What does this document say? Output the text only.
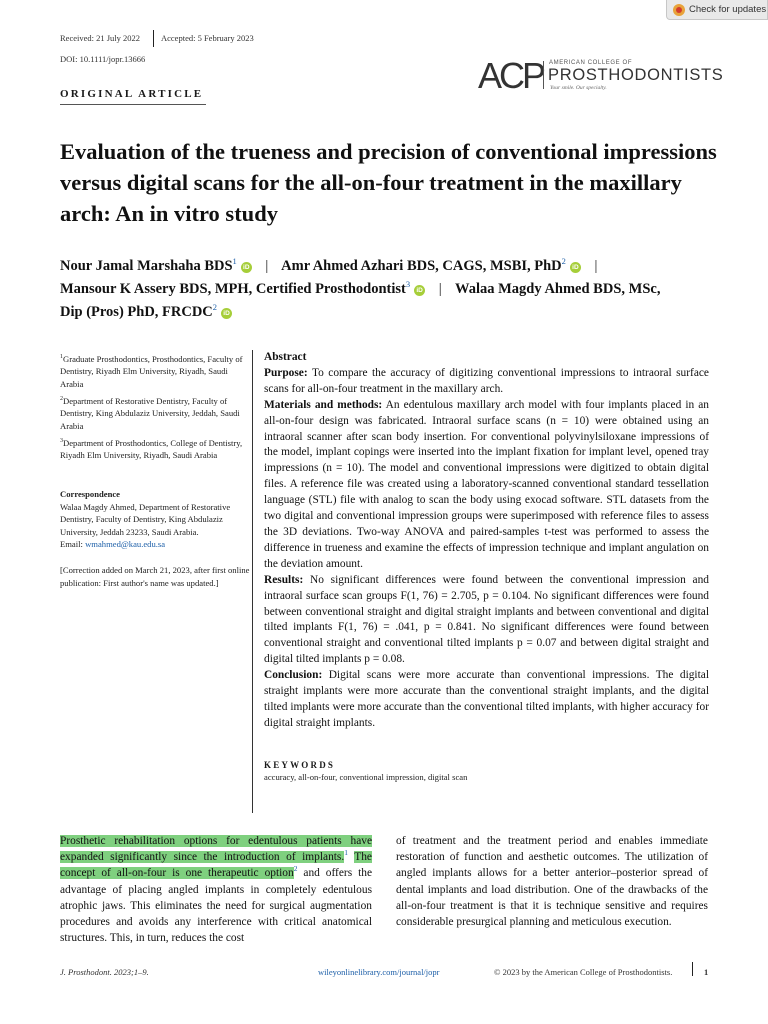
Check for updates
Received: 21 July 2022 Accepted: 5 February 2023
DOI: 10.1111/jopr.13666
ORIGINAL ARTICLE	ACP AMERICAN COLLEGE OF
PROSTHODONTISTS
Your smile. Our specialty.
Evaluation of the trueness and precision of conventional impressions versus digital scans for the all-on-four treatment in the maxillary arch: An in vitro study
Nour Jamal Marshaha BDS$^1$iD | Amr Ahmed Azhari BDS, CAGS, MSBI, PhD$^2$iD |
Mansour K Assery BDS, MPH, Certified Prosthodontist$^3$iD | Walaa Magdy Ahmed BDS, MSc,
Dip (Pros) PhD, FRCDC$^2$iD
$^1$Graduate Prosthodontics, Prosthodontics, Faculty of Dentistry, Riyadh Elm University, Riyadh, Saudi Arabia
$^2$Department of Restorative Dentistry, Faculty of Dentistry, King Abdulaziz University, Jeddah, Saudi Arabia
$^3$Department of Prosthodontics, College of Dentistry, Riyadh Elm University, Riyadh, Saudi Arabia
Correspondence
Walaa Magdy Ahmed, Department of Restorative Dentistry, Faculty of Dentistry, King Abdulaziz University, Jeddah 23233, Saudi Arabia.
Email: wmahmed@kau.edu.sa
[Correction added on March 21, 2023, after first online publication: First author's name was updated.]

Abstract

Purpose: To compare the accuracy of digitizing conventional impressions to intraoral surface scans for all-on-four treatment in the maxillary arch.

Materials and methods: An edentulous maxillary arch model with four implants placed in an all-on-four design was fabricated. Intraoral surface scans (n = 10) were obtained using an intraoral scanner after scan body insertion. For conventional polyvinylsiloxane impressions of the model, implant copings were inserted into the implant fixation for implant level, opened tray impressions (n = 10). The model and conventional impressions were digitized to obtain digital files. A reference file was created using a laboratory-scanned conventional standard tessellation language (STL) file with analog to scan the body using exocad software. STL datasets from the two digital and conventional impression groups were superimposed with reference files to assess the 3D deviations. Two-way ANOVA and paired-samples t-test was performed to assess the difference in trueness and examine the effects of impression technique and implant angulation on the deviation amount.

Results: No significant differences were found between the conventional impression and intraoral surface scan groups F(1, 76) = 2.705, p = 0.104. No significant differences were found between conventional straight and digital straight implants and between conventional and digital tilted implants F(1, 76) = .041, p = 0.841. No significant differences were found between conventional straight and conventional tilted implants p = 0.07 and between digital straight and digital tilted implants p = 0.08.

Conclusion: Digital scans were more accurate than conventional impressions. The digital straight implants were more accurate than the conventional straight implants, and the digital tilted implants were more accurate than the conventional tilted implants, with higher accuracy for digital straight implants.

KEYWORDS
accuracy, all-on-four, conventional impression, digital scan
Prosthetic rehabilitation options for edentulous patients have expanded significantly since the introduction of implants.$^1$ The concept of all-on-four is one therapeutic option$^2$ and offers the advantage of placing angled implants in completely edentulous atrophic jaws. This eliminates the need for surgical augmentation procedures and avoids any interference with critical anatomical structures. This, in turn, reduces the cost
of treatment and the treatment period and enables immediate restoration of function and aesthetic outcomes. The utilization of angled implants allows for a better anterior–posterior spread of dental implants and load distribution. One of the drawbacks of the all-on-four treatment is that it is technique sensitive and requires considerable presurgical planning and meticulous execution.
J. Prosthodont. 2023;1–9.	wileyonlinelibrary.com/journal/jopr	© 2023 by the American College of Prosthodontists.	1
